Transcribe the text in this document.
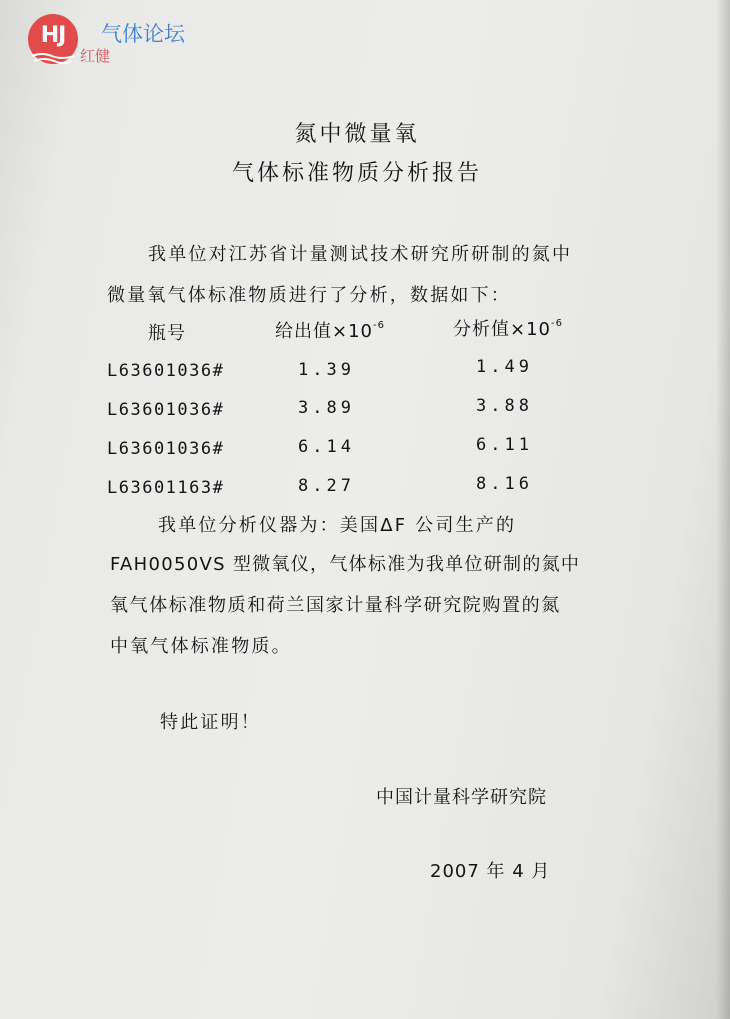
HJ	气体论坛
红健
氮中微量氧
气体标准物质分析报告
我单位对江苏省计量测试技术研究所研制的氮中
微量氧气体标准物质进行了分析，数据如下：
瓶号	给出值$\times 10^{-6}$	分析值$\times 10^{-6}$
L63601036#	1.39	1.49
L63601036#	3.89	3.88
L63601036#	6.14	6.11
L63601163#	8.27	8.16
我单位分析仪器为：美国ΔF 公司生产的
FAH0050VS 型微氧仪，气体标准为我单位研制的氮中
氧气体标准物质和荷兰国家计量科学研究院购置的氮
中氧气体标准物质。
特此证明！
中国计量科学研究院
2007 年 4 月
